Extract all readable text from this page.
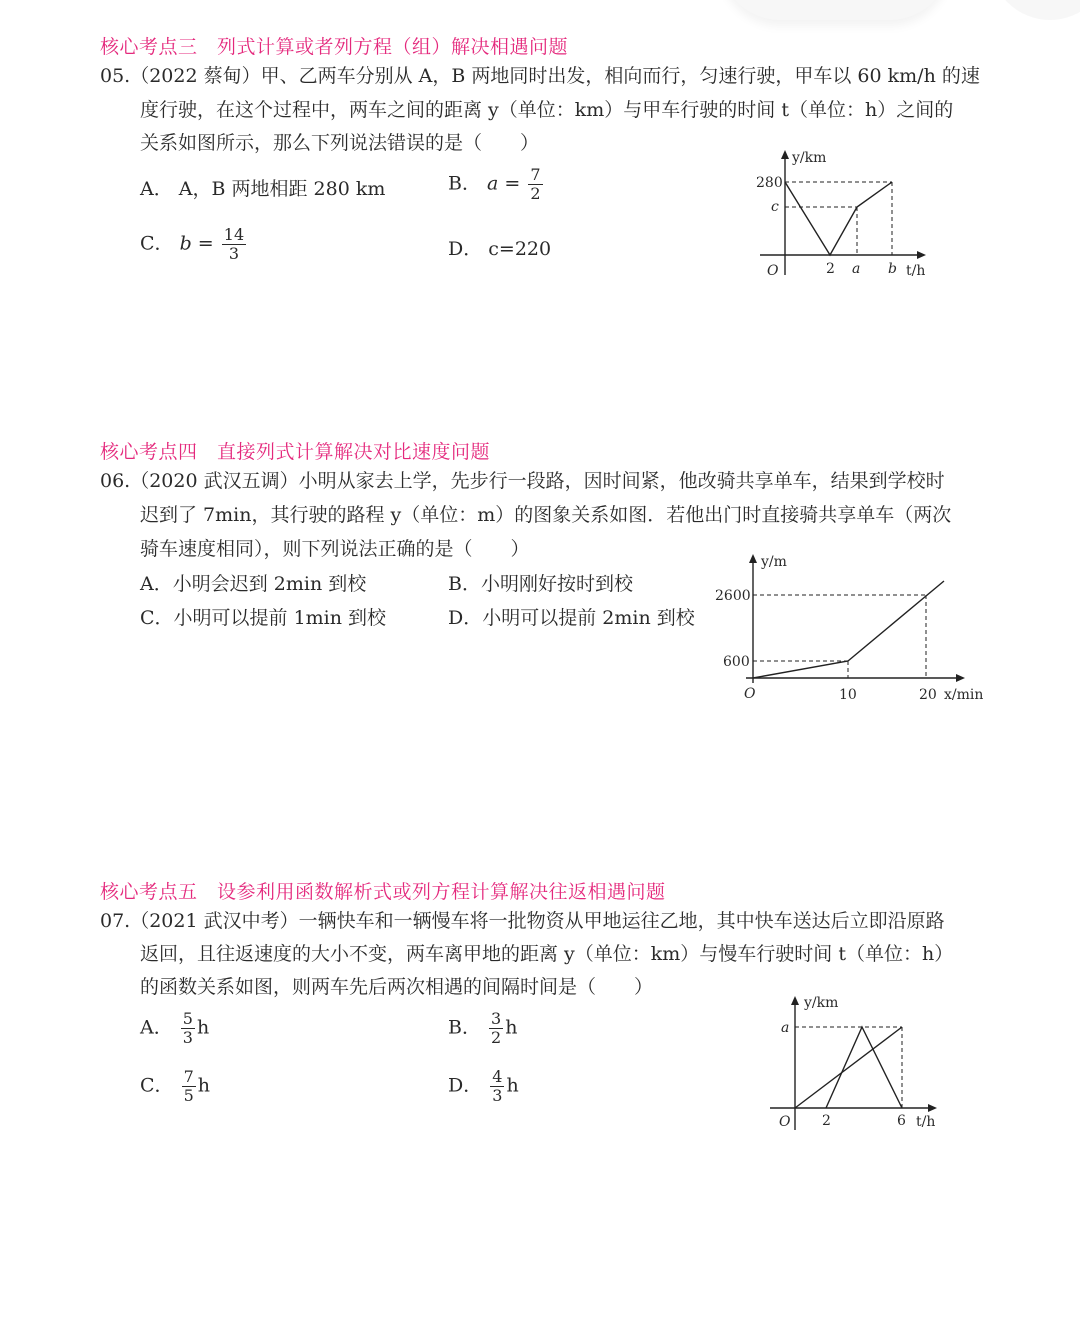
核心考点三　列式计算或者列方程（组）解决相遇问题
05.（2022 蔡甸）甲、乙两车分别从 A，B 两地同时出发，相向而行，匀速行驶，甲车以 60 km/h 的速
度行驶，在这个过程中，两车之间的距离 y（单位：km）与甲车行驶的时间 t（单位：h）之间的
关系如图所示，那么下列说法错误的是（　　）
A． A，B 两地相距 280 km	B． $a = \frac{7}{2}$
C． $b = \frac{14}{3}$	D． c=220
y/km
280
c
O	2 a b t/h
核心考点四　直接列式计算解决对比速度问题
06.（2020 武汉五调）小明从家去上学，先步行一段路，因时间紧，他改骑共享单车，结果到学校时
迟到了 7min，其行驶的路程 y（单位：m）的图象关系如图．若他出门时直接骑共享单车（两次
骑车速度相同），则下列说法正确的是（　　）
A．小明会迟到 2min 到校	B．小明刚好按时到校
C．小明可以提前 1min 到校	D．小明可以提前 2min 到校
y/m
2600
600
O	10	20 x/min
核心考点五　设参利用函数解析式或列方程计算解决往返相遇问题
07.（2021 武汉中考）一辆快车和一辆慢车将一批物资从甲地运往乙地，其中快车送达后立即沿原路
返回，且往返速度的大小不变，两车离甲地的距离 y（单位：km）与慢车行驶时间 t（单位：h）
的函数关系如图，则两车先后两次相遇的间隔时间是（　　）
A． $\frac{5}{3}$ h	B． $\frac{3}{2}$ h
C． $\frac{7}{5}$ h	D． $\frac{4}{3}$ h
y/km
a
O 2	6 t/h
